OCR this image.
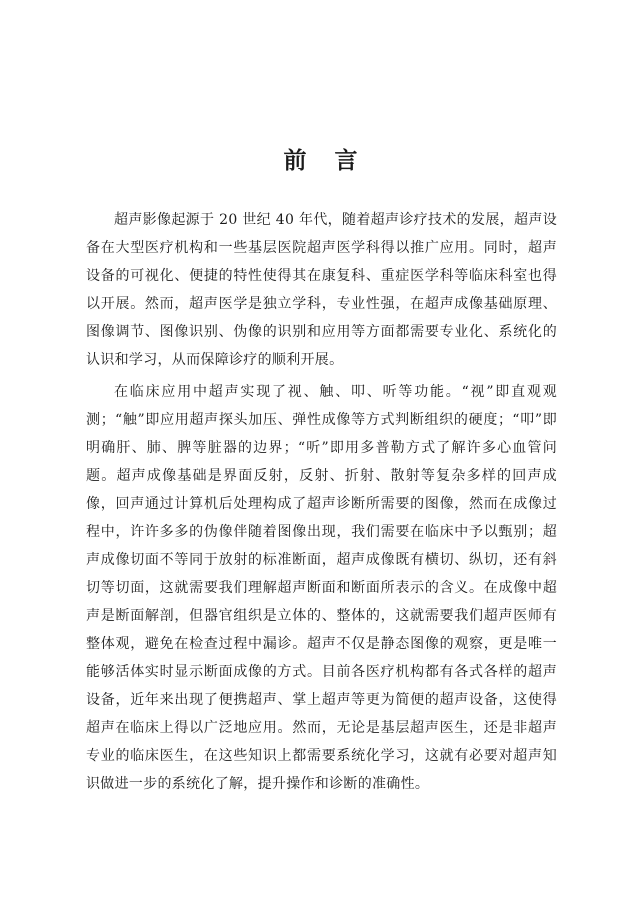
前 言

超声影像起源于 20 世纪 40 年代，随着超声诊疗技术的发展，超声设备在大型医疗机构和一些基层医院超声医学科得以推广应用。同时，超声设备的可视化、便捷的特性使得其在康复科、重症医学科等临床科室也得以开展。然而，超声医学是独立学科，专业性强，在超声成像基础原理、图像调节、图像识别、伪像的识别和应用等方面都需要专业化、系统化的认识和学习，从而保障诊疗的顺利开展。

在临床应用中超声实现了视、触、叩、听等功能。“视”即直观观测；“触”即应用超声探头加压、弹性成像等方式判断组织的硬度；“叩”即明确肝、肺、脾等脏器的边界；“听”即用多普勒方式了解许多心血管问题。超声成像基础是界面反射，反射、折射、散射等复杂多样的回声成像，回声通过计算机后处理构成了超声诊断所需要的图像，然而在成像过程中，许许多多的伪像伴随着图像出现，我们需要在临床中予以甄别；超声成像切面不等同于放射的标准断面，超声成像既有横切、纵切，还有斜切等切面，这就需要我们理解超声断面和断面所表示的含义。在成像中超声是断面解剖，但器官组织是立体的、整体的，这就需要我们超声医师有整体观，避免在检查过程中漏诊。超声不仅是静态图像的观察，更是唯一能够活体实时显示断面成像的方式。目前各医疗机构都有各式各样的超声设备，近年来出现了便携超声、掌上超声等更为简便的超声设备，这使得超声在临床上得以广泛地应用。然而，无论是基层超声医生，还是非超声专业的临床医生，在这些知识上都需要系统化学习，这就有必要对超声知识做进一步的系统化了解，提升操作和诊断的准确性。
